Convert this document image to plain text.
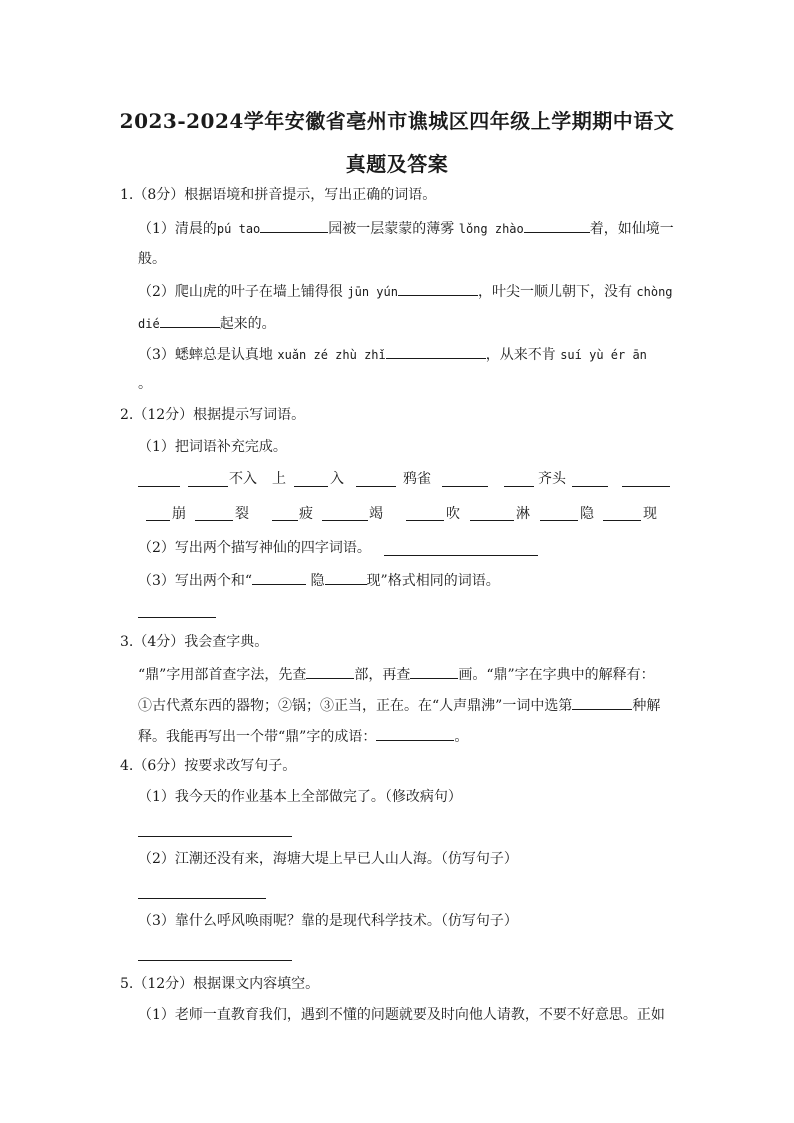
2023-2024学年安徽省亳州市谯城区四年级上学期期中语文
真题及答案
1.（8分）根据语境和拼音提示，写出正确的词语。
（1）清晨的pú tao	园被一层蒙蒙的薄雾 lǒng zhào	着，如仙境一
般。
（2）爬山虎的叶子在墙上铺得很 jūn yún	，叶尖一顺儿朝下，没有 chòng
dié	起来的。
（3）蟋蟀总是认真地 xuǎn zé zhù zhǐ	，从来不肯 suí yù ér ān
。
2.（12分）根据提示写词语。
（1）把词语补充完成。
不入 上	入	鸦雀	齐头
崩	裂	疲	竭	吹	淋	隐	现
（2）写出两个描写神仙的四字词语。
（3）写出两个和“	隐	现”格式相同的词语。
3.（4分）我会查字典。
“鼎”字用部首查字法，先查	部，再查	画。“鼎”字在字典中的解释有：
①古代煮东西的器物；②锅；③正当，正在。在“人声鼎沸”一词中选第	种解
释。我能再写出一个带“鼎”字的成语：	。
4.（6分）按要求改写句子。
（1）我今天的作业基本上全部做完了。（修改病句）
（2）江潮还没有来，海塘大堤上早已人山人海。（仿写句子）
（3）靠什么呼风唤雨呢？靠的是现代科学技术。（仿写句子）
5.（12分）根据课文内容填空。
（1）老师一直教育我们，遇到不懂的问题就要及时向他人请教，不要不好意思。正如
